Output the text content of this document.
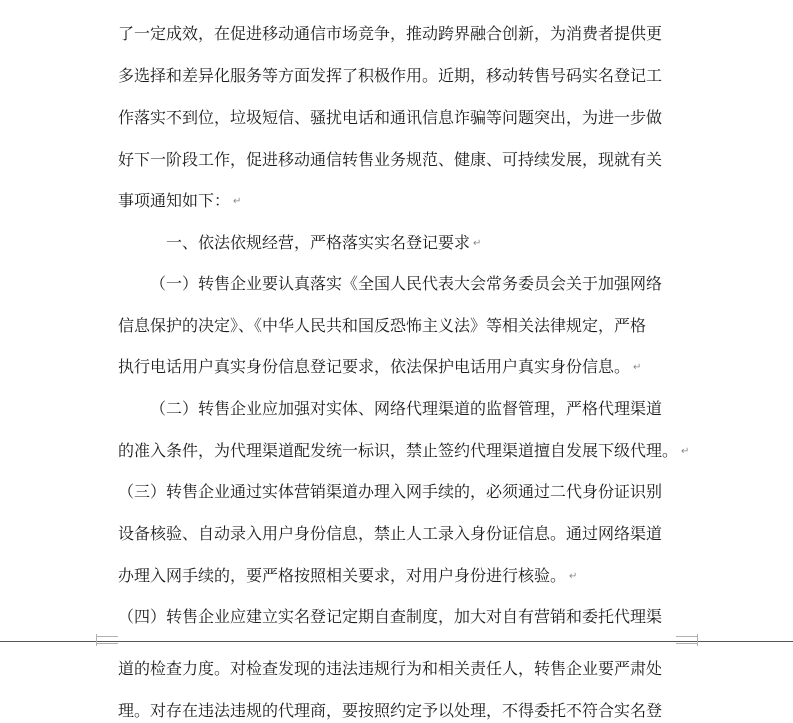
了一定成效，在促进移动通信市场竞争，推动跨界融合创新，为消费者提供更
多选择和差异化服务等方面发挥了积极作用。近期，移动转售号码实名登记工
作落实不到位，垃圾短信、骚扰电话和通讯信息诈骗等问题突出，为进一步做
好下一阶段工作，促进移动通信转售业务规范、健康、可持续发展，现就有关
事项通知如下： ↵
一、依法依规经营，严格落实实名登记要求 ↵
（一）转售企业要认真落实《全国人民代表大会常务委员会关于加强网络
信息保护的决定》、《中华人民共和国反恐怖主义法》等相关法律规定，严格
执行电话用户真实身份信息登记要求，依法保护电话用户真实身份信息。 ↵
（二）转售企业应加强对实体、网络代理渠道的监督管理，严格代理渠道
的准入条件，为代理渠道配发统一标识，禁止签约代理渠道擅自发展下级代理。 ↵
（三）转售企业通过实体营销渠道办理入网手续的，必须通过二代身份证识别
设备核验、自动录入用户身份信息，禁止人工录入身份证信息。通过网络渠道
办理入网手续的，要严格按照相关要求，对用户身份进行核验。 ↵
（四）转售企业应建立实名登记定期自查制度，加大对自有营销和委托代理渠
道的检查力度。对检查发现的违法违规行为和相关责任人，转售企业要严肃处
理。对存在违法违规的代理商，要按照约定予以处理，不得委托不符合实名登
